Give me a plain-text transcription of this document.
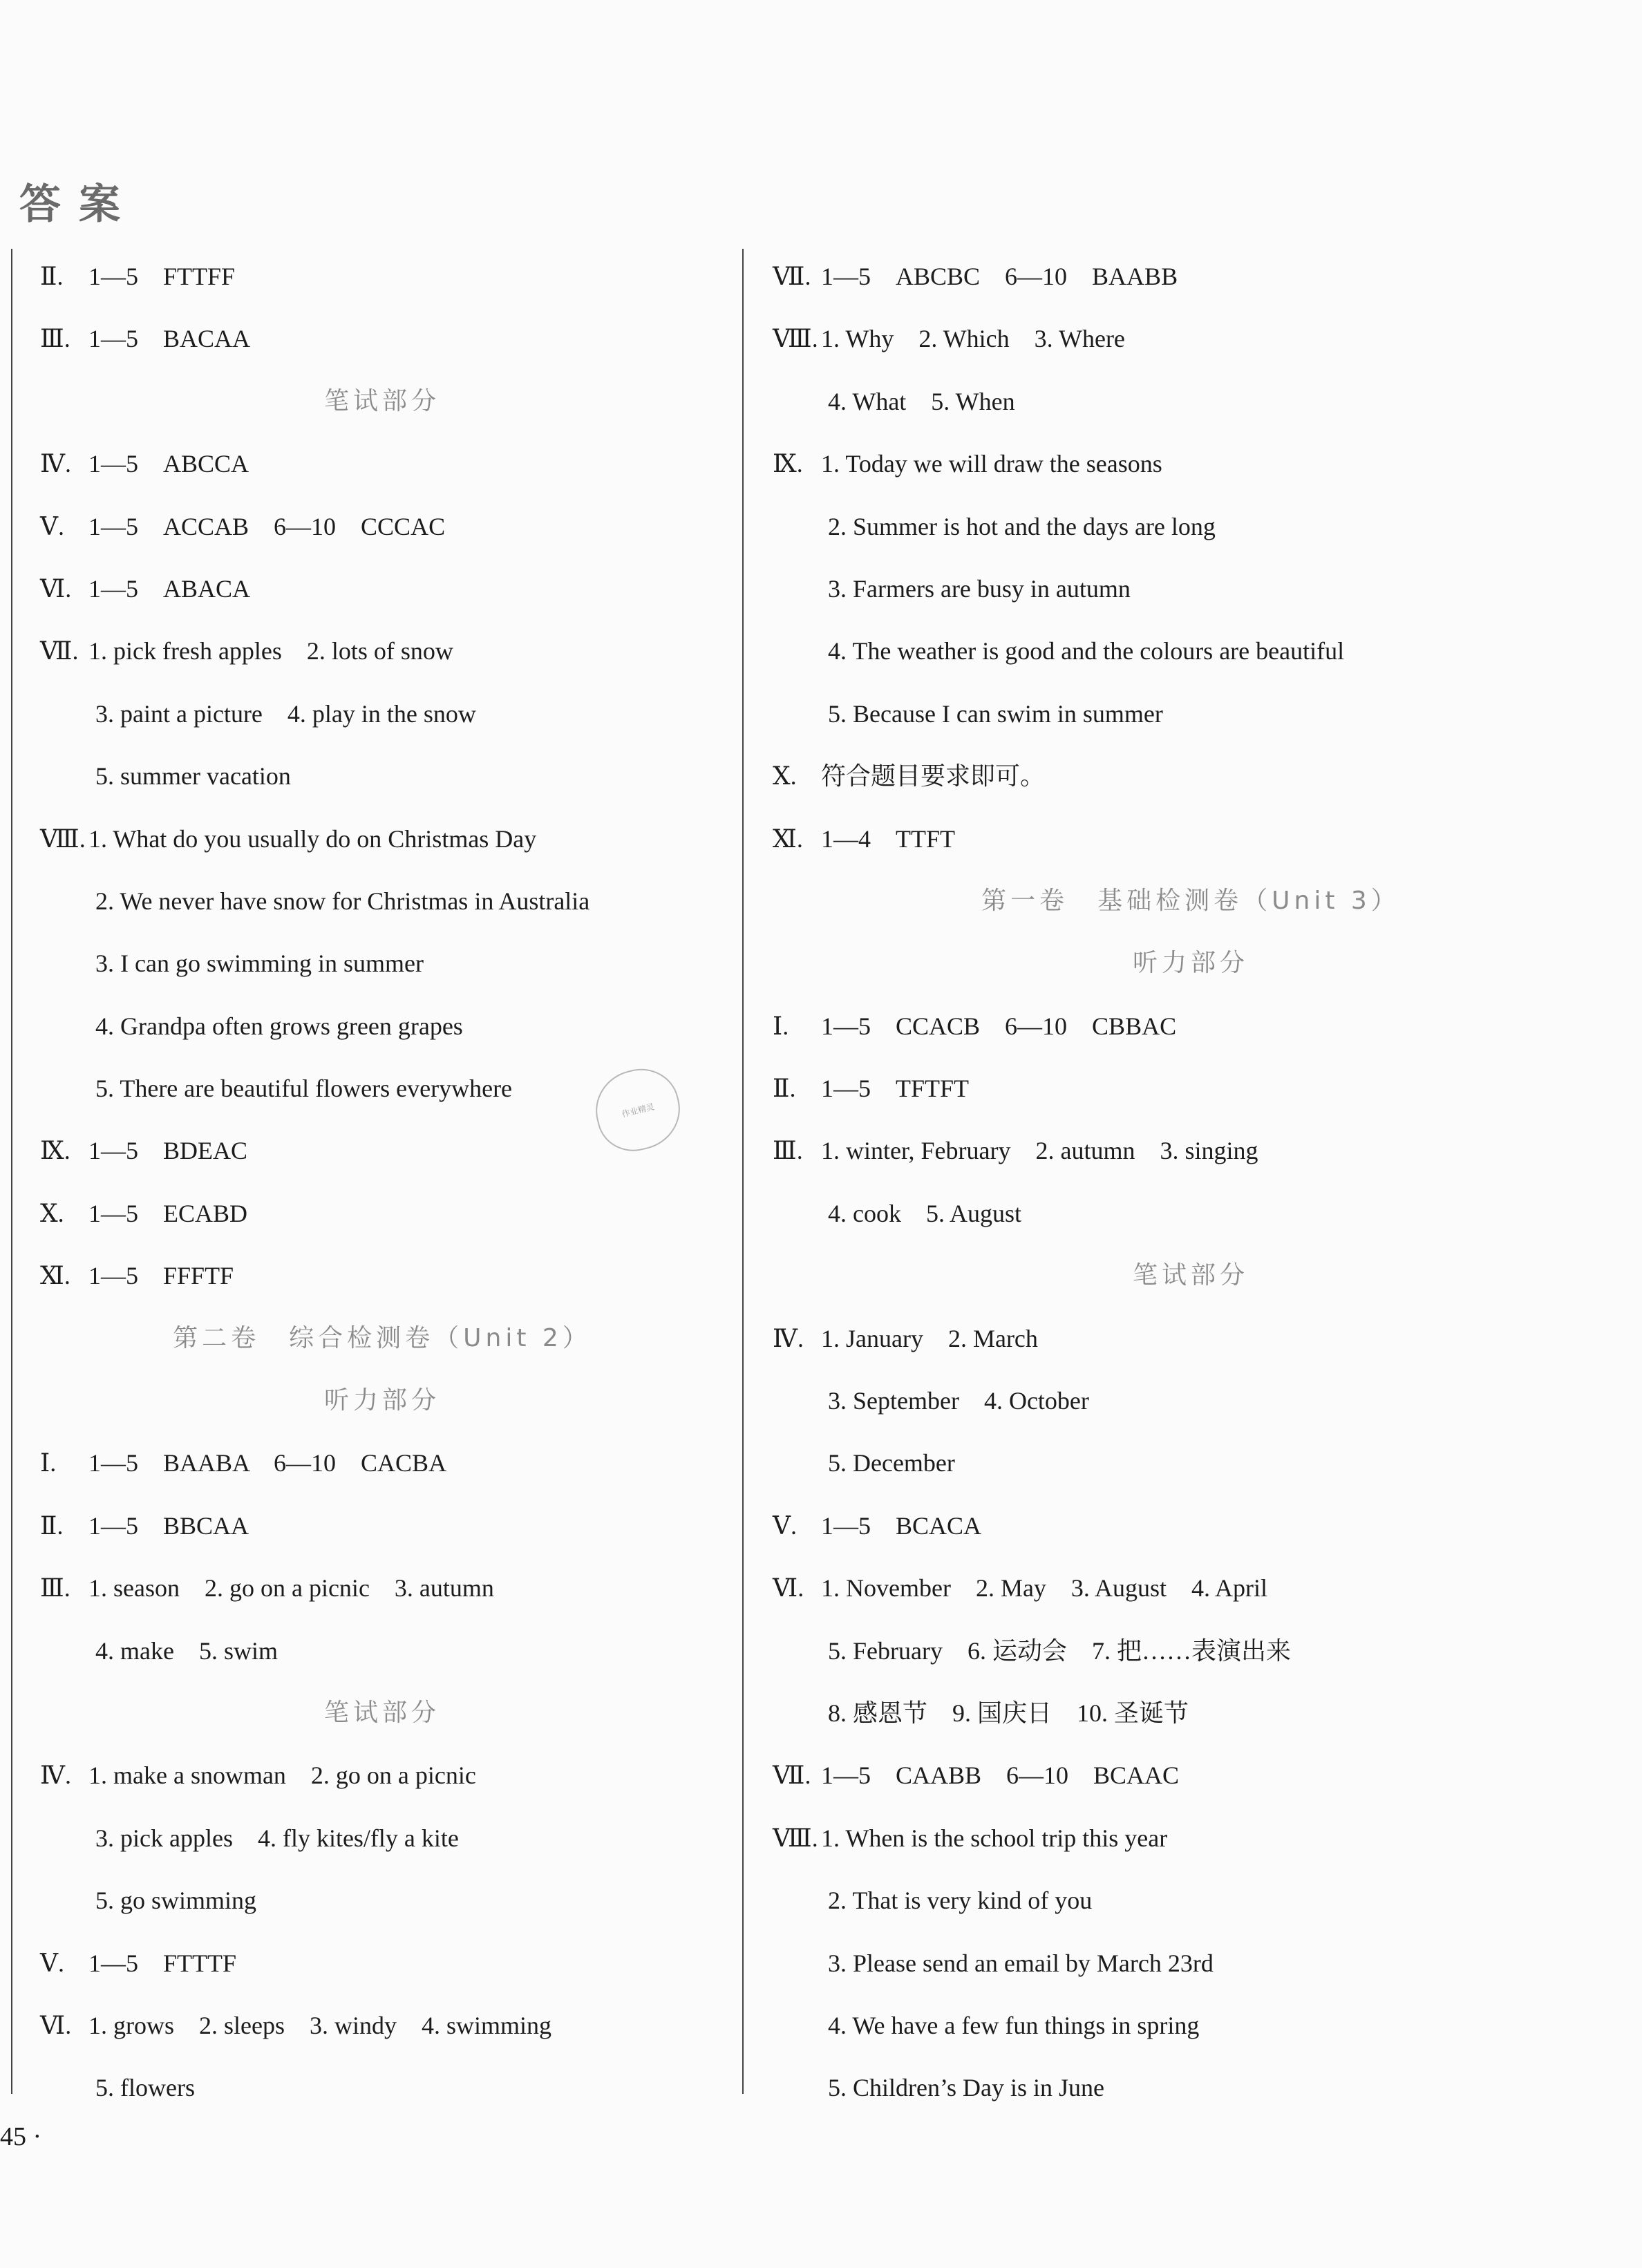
答案
Ⅱ. 1—5　FTTFF
Ⅲ. 1—5　BACAA
笔试部分
Ⅳ. 1—5　ABCCA
Ⅴ. 1—5　ACCAB　6—10　CCCAC
Ⅵ. 1—5　ABACA
Ⅶ. 1. pick fresh apples　2. lots of snow
3. paint a picture　4. play in the snow
5. summer vacation
Ⅷ. 1. What do you usually do on Christmas Day
2. We never have snow for Christmas in Australia
3. I can go swimming in summer
4. Grandpa often grows green grapes
5. There are beautiful flowers everywhere
Ⅸ. 1—5　BDEAC
Ⅹ. 1—5　ECABD
Ⅺ. 1—5　FFFTF
第二卷　综合检测卷（Unit 2）
听力部分
Ⅰ. 1—5　BAABA　6—10　CACBA
Ⅱ. 1—5　BBCAA
Ⅲ. 1. season　2. go on a picnic　3. autumn
4. make　5. swim
笔试部分
Ⅳ. 1. make a snowman　2. go on a picnic
3. pick apples　4. fly kites/fly a kite
5. go swimming
Ⅴ. 1—5　FTTTF
Ⅵ. 1. grows　2. sleeps　3. windy　4. swimming
5. flowers
Ⅶ. 1—5　ABCBC　6—10　BAABB
Ⅷ. 1. Why　2. Which　3. Where
4. What　5. When
Ⅸ. 1. Today we will draw the seasons
2. Summer is hot and the days are long
3. Farmers are busy in autumn
4. The weather is good and the colours are beautiful
5. Because I can swim in summer
Ⅹ. 符合题目要求即可。
Ⅺ. 1—4　TTFT
第一卷　基础检测卷（Unit 3）
听力部分
Ⅰ. 1—5　CCACB　6—10　CBBAC
Ⅱ. 1—5　TFTFT
Ⅲ. 1. winter, February　2. autumn　3. singing
4. cook　5. August
笔试部分
Ⅳ. 1. January　2. March
3. September　4. October
5. December
Ⅴ. 1—5　BCACA
Ⅵ. 1. November　2. May　3. August　4. April
5. February　6. 运动会　7. 把……表演出来
8. 感恩节　9. 国庆日　10. 圣诞节
Ⅶ. 1—5　CAABB　6—10　BCAAC
Ⅷ. 1. When is the school trip this year
2. That is very kind of you
3. Please send an email by March 23rd
4. We have a few fun things in spring
5. Children’s Day is in June
作业精灵
45 ·
